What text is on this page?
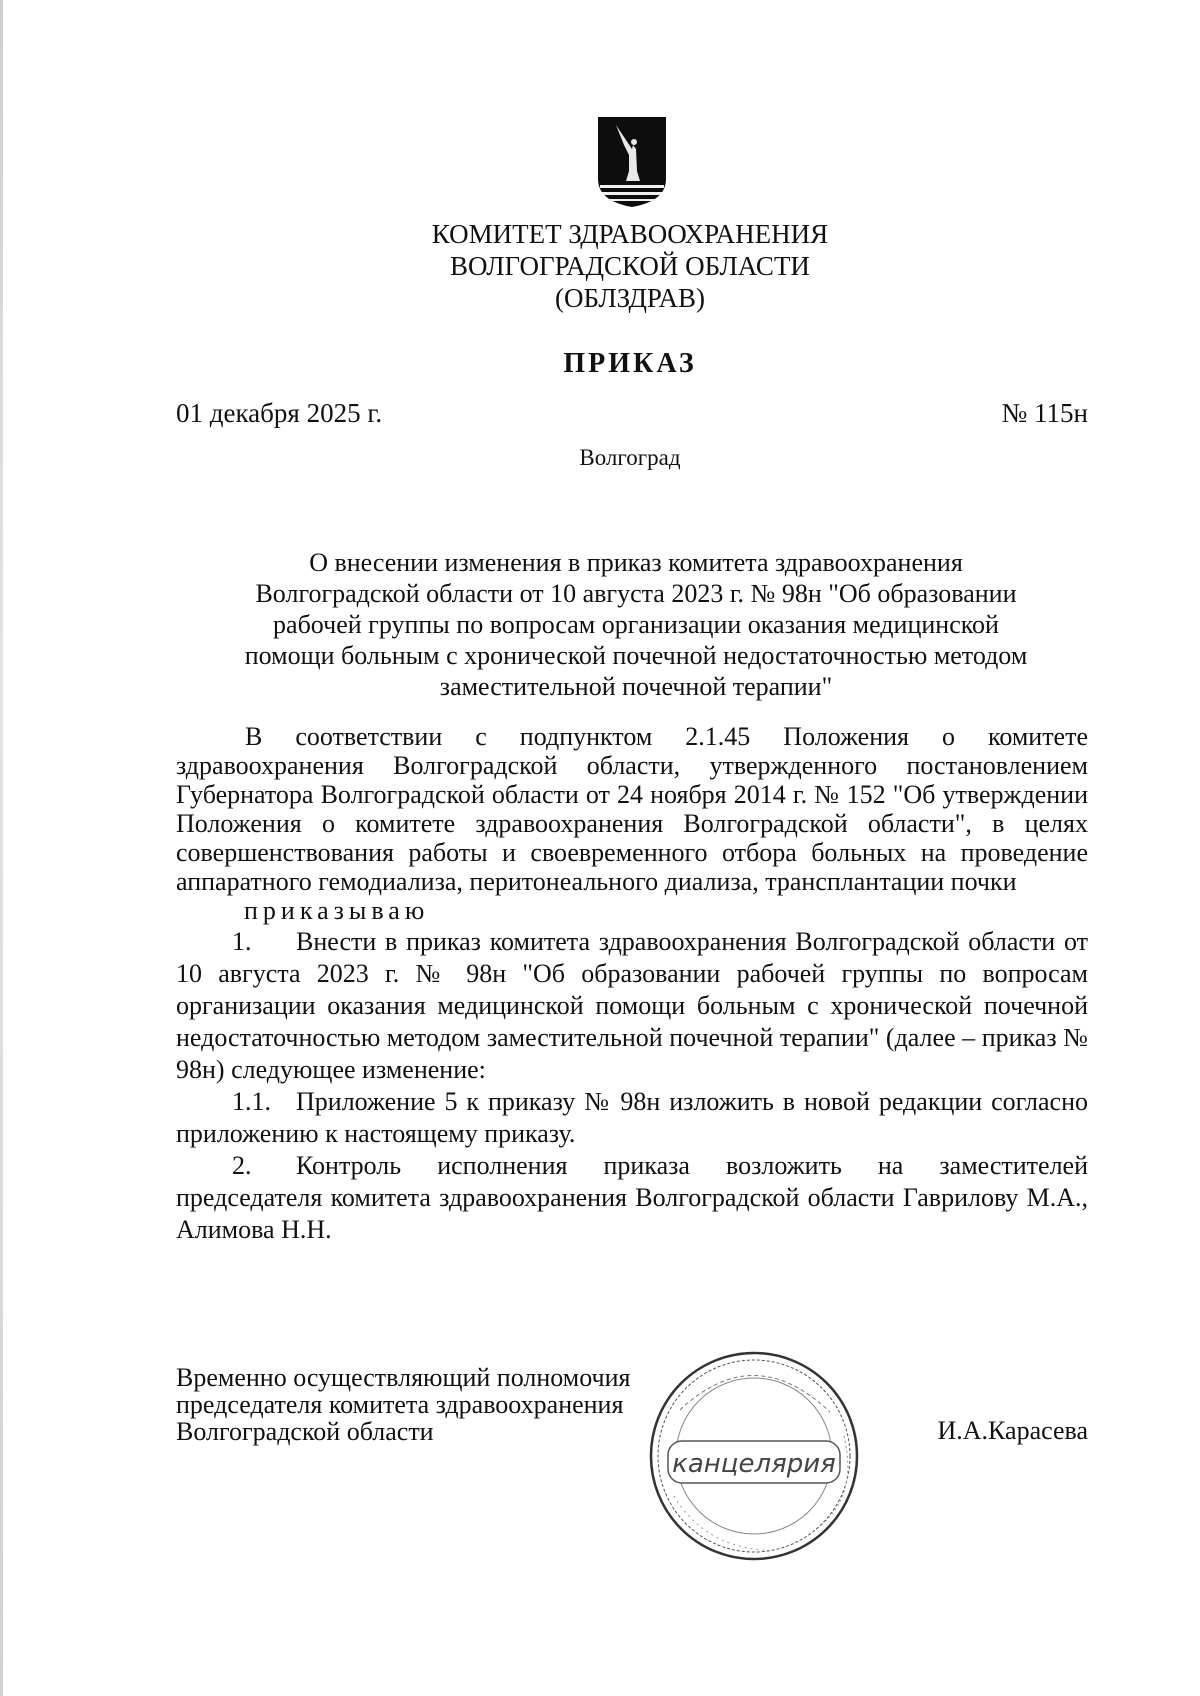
КОМИТЕТ ЗДРАВООХРАНЕНИЯ
ВОЛГОГРАДСКОЙ ОБЛАСТИ
(ОБЛЗДРАВ)
ПРИКАЗ
01 декабря 2025 г.	№ 115н
Волгоград
О внесении изменения в приказ комитета здравоохранения
Волгоградской области от 10 августа 2023 г. № 98н "Об образовании
рабочей группы по вопросам организации оказания медицинской
помощи больным с хронической почечной недостаточностью методом
заместительной почечной терапии"

В соответствии с подпунктом 2.1.45 Положения о комитете здравоохранения Волгоградской области, утвержденного постановлением Губернатора Волгоградской области от 24 ноября 2014 г. № 152 "Об утверждении Положения о комитете здравоохранения Волгоградской области", в целях совершенствования работы и своевременного отбора больных на проведение аппаратного гемодиализа, перитонеального диализа, трансплантации почки

приказываю

1. Внести в приказ комитета здравоохранения Волгоградской области от 10 августа 2023 г. № 98н "Об образовании рабочей группы по вопросам организации оказания медицинской помощи больным с хронической почечной недостаточностью методом заместительной почечной терапии" (далее – приказ № 98н) следующее изменение:

1.1. Приложение 5 к приказу № 98н изложить в новой редакции согласно приложению к настоящему приказу.

2. Контроль исполнения приказа возложить на заместителей председателя комитета здравоохранения Волгоградской области Гаврилову М.А., Алимова Н.Н.

Временно осуществляющий полномочия
председателя комитета здравоохранения
Волгоградской области	И.А.Карасева
канцелярия
